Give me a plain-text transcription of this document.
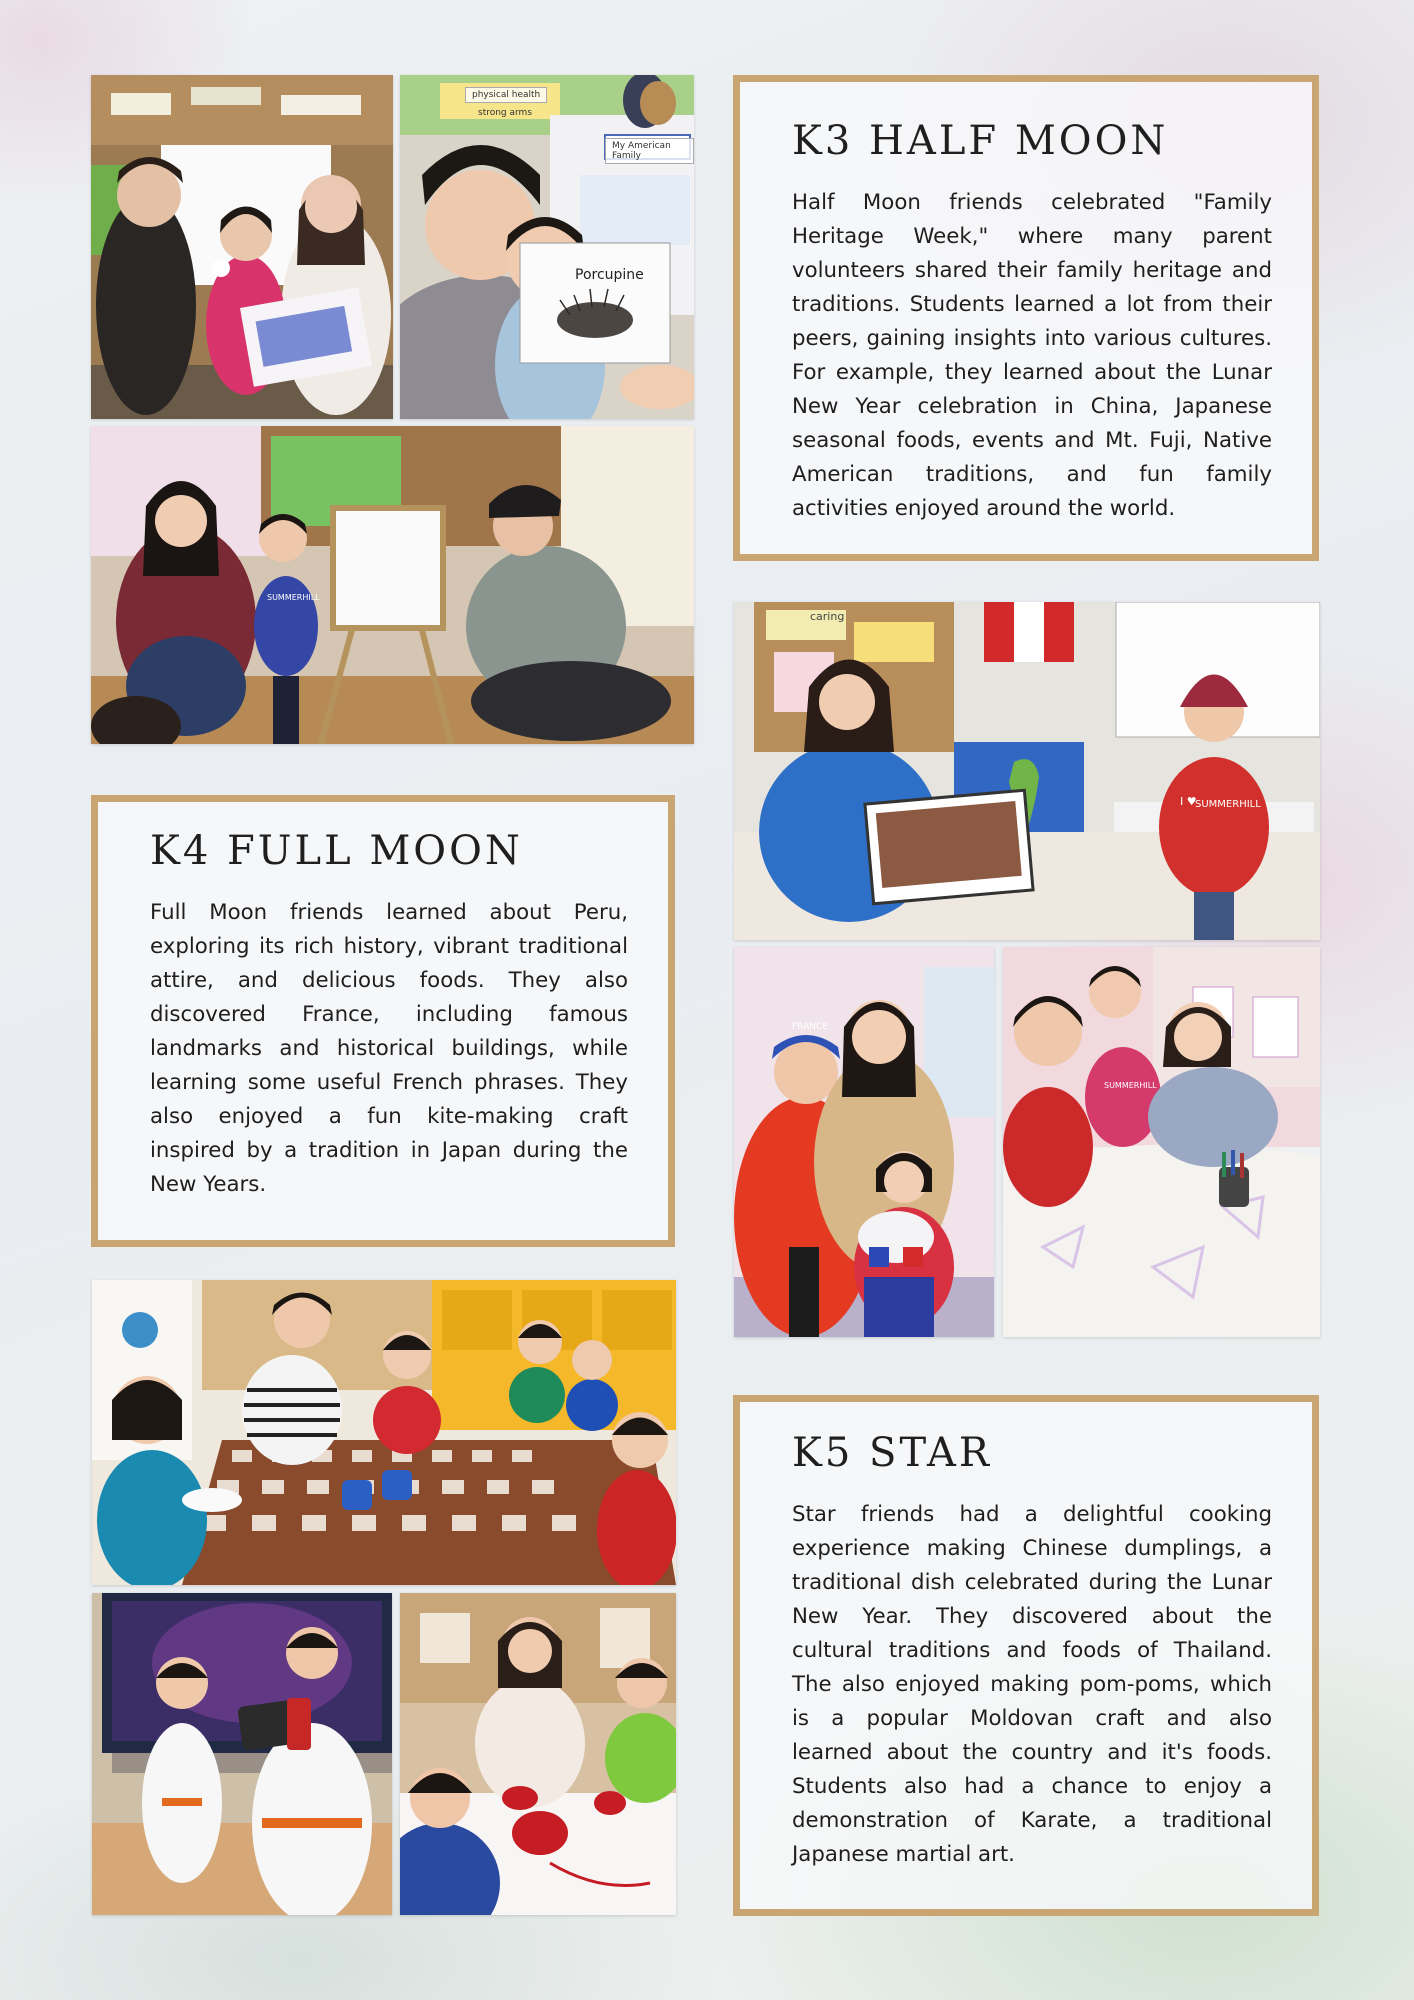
Porcupine
physical health
My American Family
SUMMERHILL
K3 HALF MOON

Half Moon friends celebrated "Family
Heritage Week," where many parent
volunteers shared their family heritage and
traditions. Students learned a lot from their
peers, gaining insights into various cultures.
For example, they learned about the Lunar
New Year celebration in China, Japanese
seasonal foods, events and Mt. Fuji, Native
American traditions, and fun family
activities enjoyed around the world.

caring
SUMMERHILL
FRANCE
SUMMERHILL
K4 FULL MOON

Full Moon friends learned about Peru,
exploring its rich history, vibrant traditional
attire, and delicious foods. They also
discovered France, including famous
landmarks and historical buildings, while
learning some useful French phrases. They
also enjoyed a fun kite-making craft
inspired by a tradition in Japan during the
New Years.

K5 STAR

Star friends had a delightful cooking
experience making Chinese dumplings, a
traditional dish celebrated during the Lunar
New Year. They discovered about the
cultural traditions and foods of Thailand.
The also enjoyed making pom-poms, which
is a popular Moldovan craft and also
learned about the country and it's foods.
Students also had a chance to enjoy a
demonstration of Karate, a traditional
Japanese martial art.

strong arms
I ♥
